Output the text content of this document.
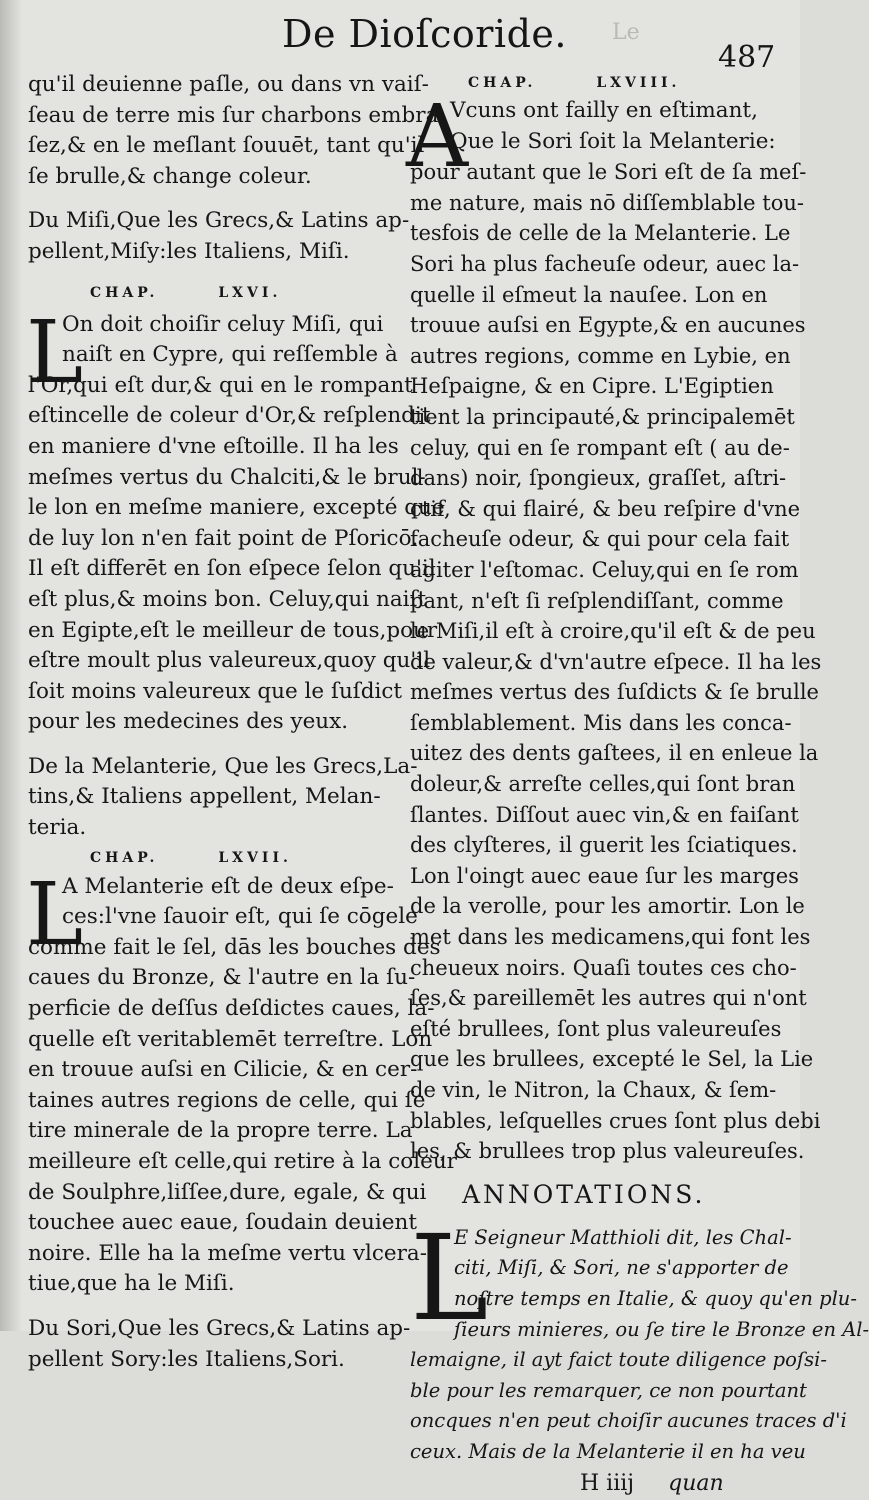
De Dioſcoride. Le
487
qu'il deuienne paſle, ou dans vn vaiſ-
ſeau de terre mis ſur charbons embra
ſez,& en le meſlant ſouuēt, tant qu'il
ſe brulle,& change coleur.
Du Miſi,Que les Grecs,& Latins ap-
pellent,Miſy:les Italiens, Miſi.
CHAP.	LXVI.
L
On doit choiſir celuy Miſi, qui
naiſt en Cypre, qui reſſemble à
l'Or,qui eſt dur,& qui en le rompant
eſtincelle de coleur d'Or,& reſplendit
en maniere d'vne eſtoille. Il ha les
meſmes vertus du Chalciti,& le brul-
le lon en meſme maniere, excepté que
de luy lon n'en fait point de Pſoricō.
Il eſt differēt en ſon eſpece ſelon qu'il
eſt plus,& moins bon. Celuy,qui naiſt
en Egipte,eſt le meilleur de tous,pour
eſtre moult plus valeureux,quoy qu'il
ſoit moins valeureux que le ſuſdict
pour les medecines des yeux.
De la Melanterie, Que les Grecs,La-
tins,& Italiens appellent, Melan-
teria.
CHAP.	LXVII.
L
A Melanterie eſt de deux eſpe-
ces:l'vne ſauoir eſt, qui ſe cōgele
comme fait le ſel, dās les bouches des
caues du Bronze, & l'autre en la ſu-
perficie de deſſus deſdictes caues, la-
quelle eſt veritablemēt terreſtre. Lon
en trouue auſsi en Cilicie, & en cer-
taines autres regions de celle, qui ſe
tire minerale de la propre terre. La
meilleure eſt celle,qui retire à la coleur
de Soulphre,liſſee,dure, egale, & qui
touchee auec eaue, ſoudain deuient
noire. Elle ha la meſme vertu vlcera-
tiue,que ha le Miſi.
Du Sori,Que les Grecs,& Latins ap-
pellent Sory:les Italiens,Sori.
CHAP.	LXVIII.
A
Vcuns ont failly en eſtimant,
Que le Sori ſoit la Melanterie:
pour autant que le Sori eſt de ſa meſ-
me nature, mais nō diſſemblable tou-
tesfois de celle de la Melanterie. Le
Sori ha plus facheuſe odeur, auec la-
quelle il eſmeut la nauſee. Lon en
trouue auſsi en Egypte,& en aucunes
autres regions, comme en Lybie, en
Heſpaigne, & en Cipre. L'Egiptien
tient la principauté,& principalemēt
celuy, qui en ſe rompant eſt ( au de-
dans) noir, ſpongieux, graſſet, aſtri-
ctif, & qui flairé, & beu reſpire d'vne
facheuſe odeur, & qui pour cela fait
agiter l'eſtomac. Celuy,qui en ſe rom
pant, n'eſt ſi reſplendiſſant, comme
le Miſi,il eſt à croire,qu'il eſt & de peu
de valeur,& d'vn'autre eſpece. Il ha les
meſmes vertus des ſuſdicts & ſe brulle
ſemblablement. Mis dans les conca-
uitez des dents gaſtees, il en enleue la
doleur,& arreſte celles,qui ſont bran
ſlantes. Diſſout auec vin,& en faiſant
des clyſteres, il guerit les ſciatiques.
Lon l'oingt auec eaue ſur les marges
de la verolle, pour les amortir. Lon le
met dans les medicamens,qui font les
cheueux noirs. Quaſi toutes ces cho-
ſes,& pareillemēt les autres qui n'ont
eſté brullees, ſont plus valeureuſes
que les brullees, excepté le Sel, la Lie
de vin, le Nitron, la Chaux, & ſem-
blables, leſquelles crues ſont plus debi
les, & brullees trop plus valeureuſes.
ANNOTATIONS.
L
E Seigneur Matthioli dit, les Chal-
citi, Miſi, & Sori, ne s'apporter de
noſtre temps en Italie, & quoy qu'en plu-
ſieurs minieres, ou ſe tire le Bronze en Al-
lemaigne, il ayt faict toute diligence poſsi-
ble pour les remarquer, ce non pourtant
oncques n'en peut choiſir aucunes traces d'i
ceux. Mais de la Melanterie il en ha veu
H iiij quan
